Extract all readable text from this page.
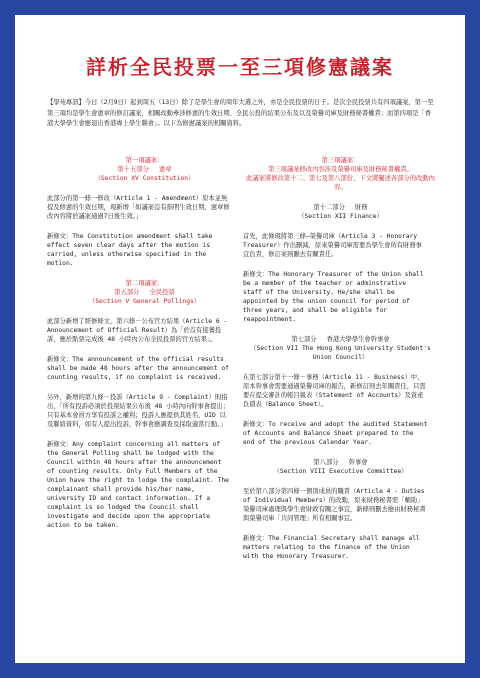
詳析全民投票一至三項修憲議案

【學苑專訊】今日（2月9日）起到周五（13日）除了是學生會的周年大選之外，亦是全民投票的日子。是次全民投票共有四項議案，第一至第三項均是學生會憲章的修訂議案，相關改動牽涉修憲的生效日期、全民公投的結果公布及以及榮譽司庫及財務秘書權責；而第四項是「香港大學學生會應退出香港專上學生聯會」。以下為修憲議案的相關資料。

第一項議案：
第十五部分　 憲章
（Section XV Constitution）

此部分的第一條一修改（Article 1 - Amendment）原本並無提及修憲的生效日期，現新增「如議案沒有指明生效日期，憲章修改內容將於議案通過7日後生效。」

新條文：The Constitution amendment shall take effect seven clear days after the motion is carried, unless otherwise specified in the motion.

第二項議案：
第五部分　 全民投票
（Section V General Pollings）

此部分新增了經修條文，第六條－公布官方結果（Article 6 - Announcement of Official Result）為「於沒有接獲投訴，應於點票完成後 48 小時內公布全民投票的官方結果」。

新條文：The announcement of the official results shall be made 48 hours after the announcement of counting results, if no complaint is received.

另外，新增的第九條－投訴（Article 9 - Complaint）則指出，「所有投訴必須於投票結果公布後 48 小時內向幹事會提出；只有基本會員方享有投訴之權利；投訴人應提供其姓名、UID 以及聯絡資料，如有人提出投訴，幹事會應調查及採取適當行動。」

新條文：Any complaint concerning all matters of the General Polling shall be lodged with the Council within 48 hours after the announcement of counting results. Only Full Members of the Union have the right to lodge the complaint. The complainant shall provide his/her name, university ID and contact information. If a complaint is so lodged the Council shall investigate and decide upon the appropriate action to be taken.

第三項議案：
第三項議案修改內容涉及榮譽司庫及財務秘書權責。
此議案將修改第十二、第七及第八部份，下文將闡述各部分的改動內容。
第十二部分　 財務
（Section XII Finance）

首先，此條現將第三條—榮譽司庫（Article 3 - Honorary Treasurer）作出刪減，原來榮譽司庫需要為學生會所有財務事宜負責，修訂案則刪去有關責任。

新條文：The Honorary Treasurer of the Union shall be a member of the teacher or adminstrative staff of the University. He/she shall be appointed by the union council for period of three years, and shall be eligible for reappointment.

第七部分　 香港大學學生會幹事會
（Section VII The Hong Kong University Student's Union Council）

在第七部分第十一條－事務（Article 11 - Business）中，原本幹事會需要通過榮譽司庫的報告，新修訂則去年關責任，只需要在提交審計的帳目報表（Statement of Accounts）及資產負債表（Balance Sheet）。

新條文：To receive and adopt the audited Statement of Accounts and Balance Sheet prepared to the end of the previous Calendar Year.

第八部分　 幹事會
（Section VIII Executive Committee）

至於第八部分第四條一個別成員的職責（Article 4 - Duties of Individual Members）的改動，原來財務秘書需「輔助」榮譽司庫處理與學生會財政有關之事宜，新條則刪去應由財務秘書與榮譽司庫「共同管理」所有相關事宜。

新條文：The Financial Secretary shall manage all matters relating to the finance of the Union with the Honorary Treasurer.
